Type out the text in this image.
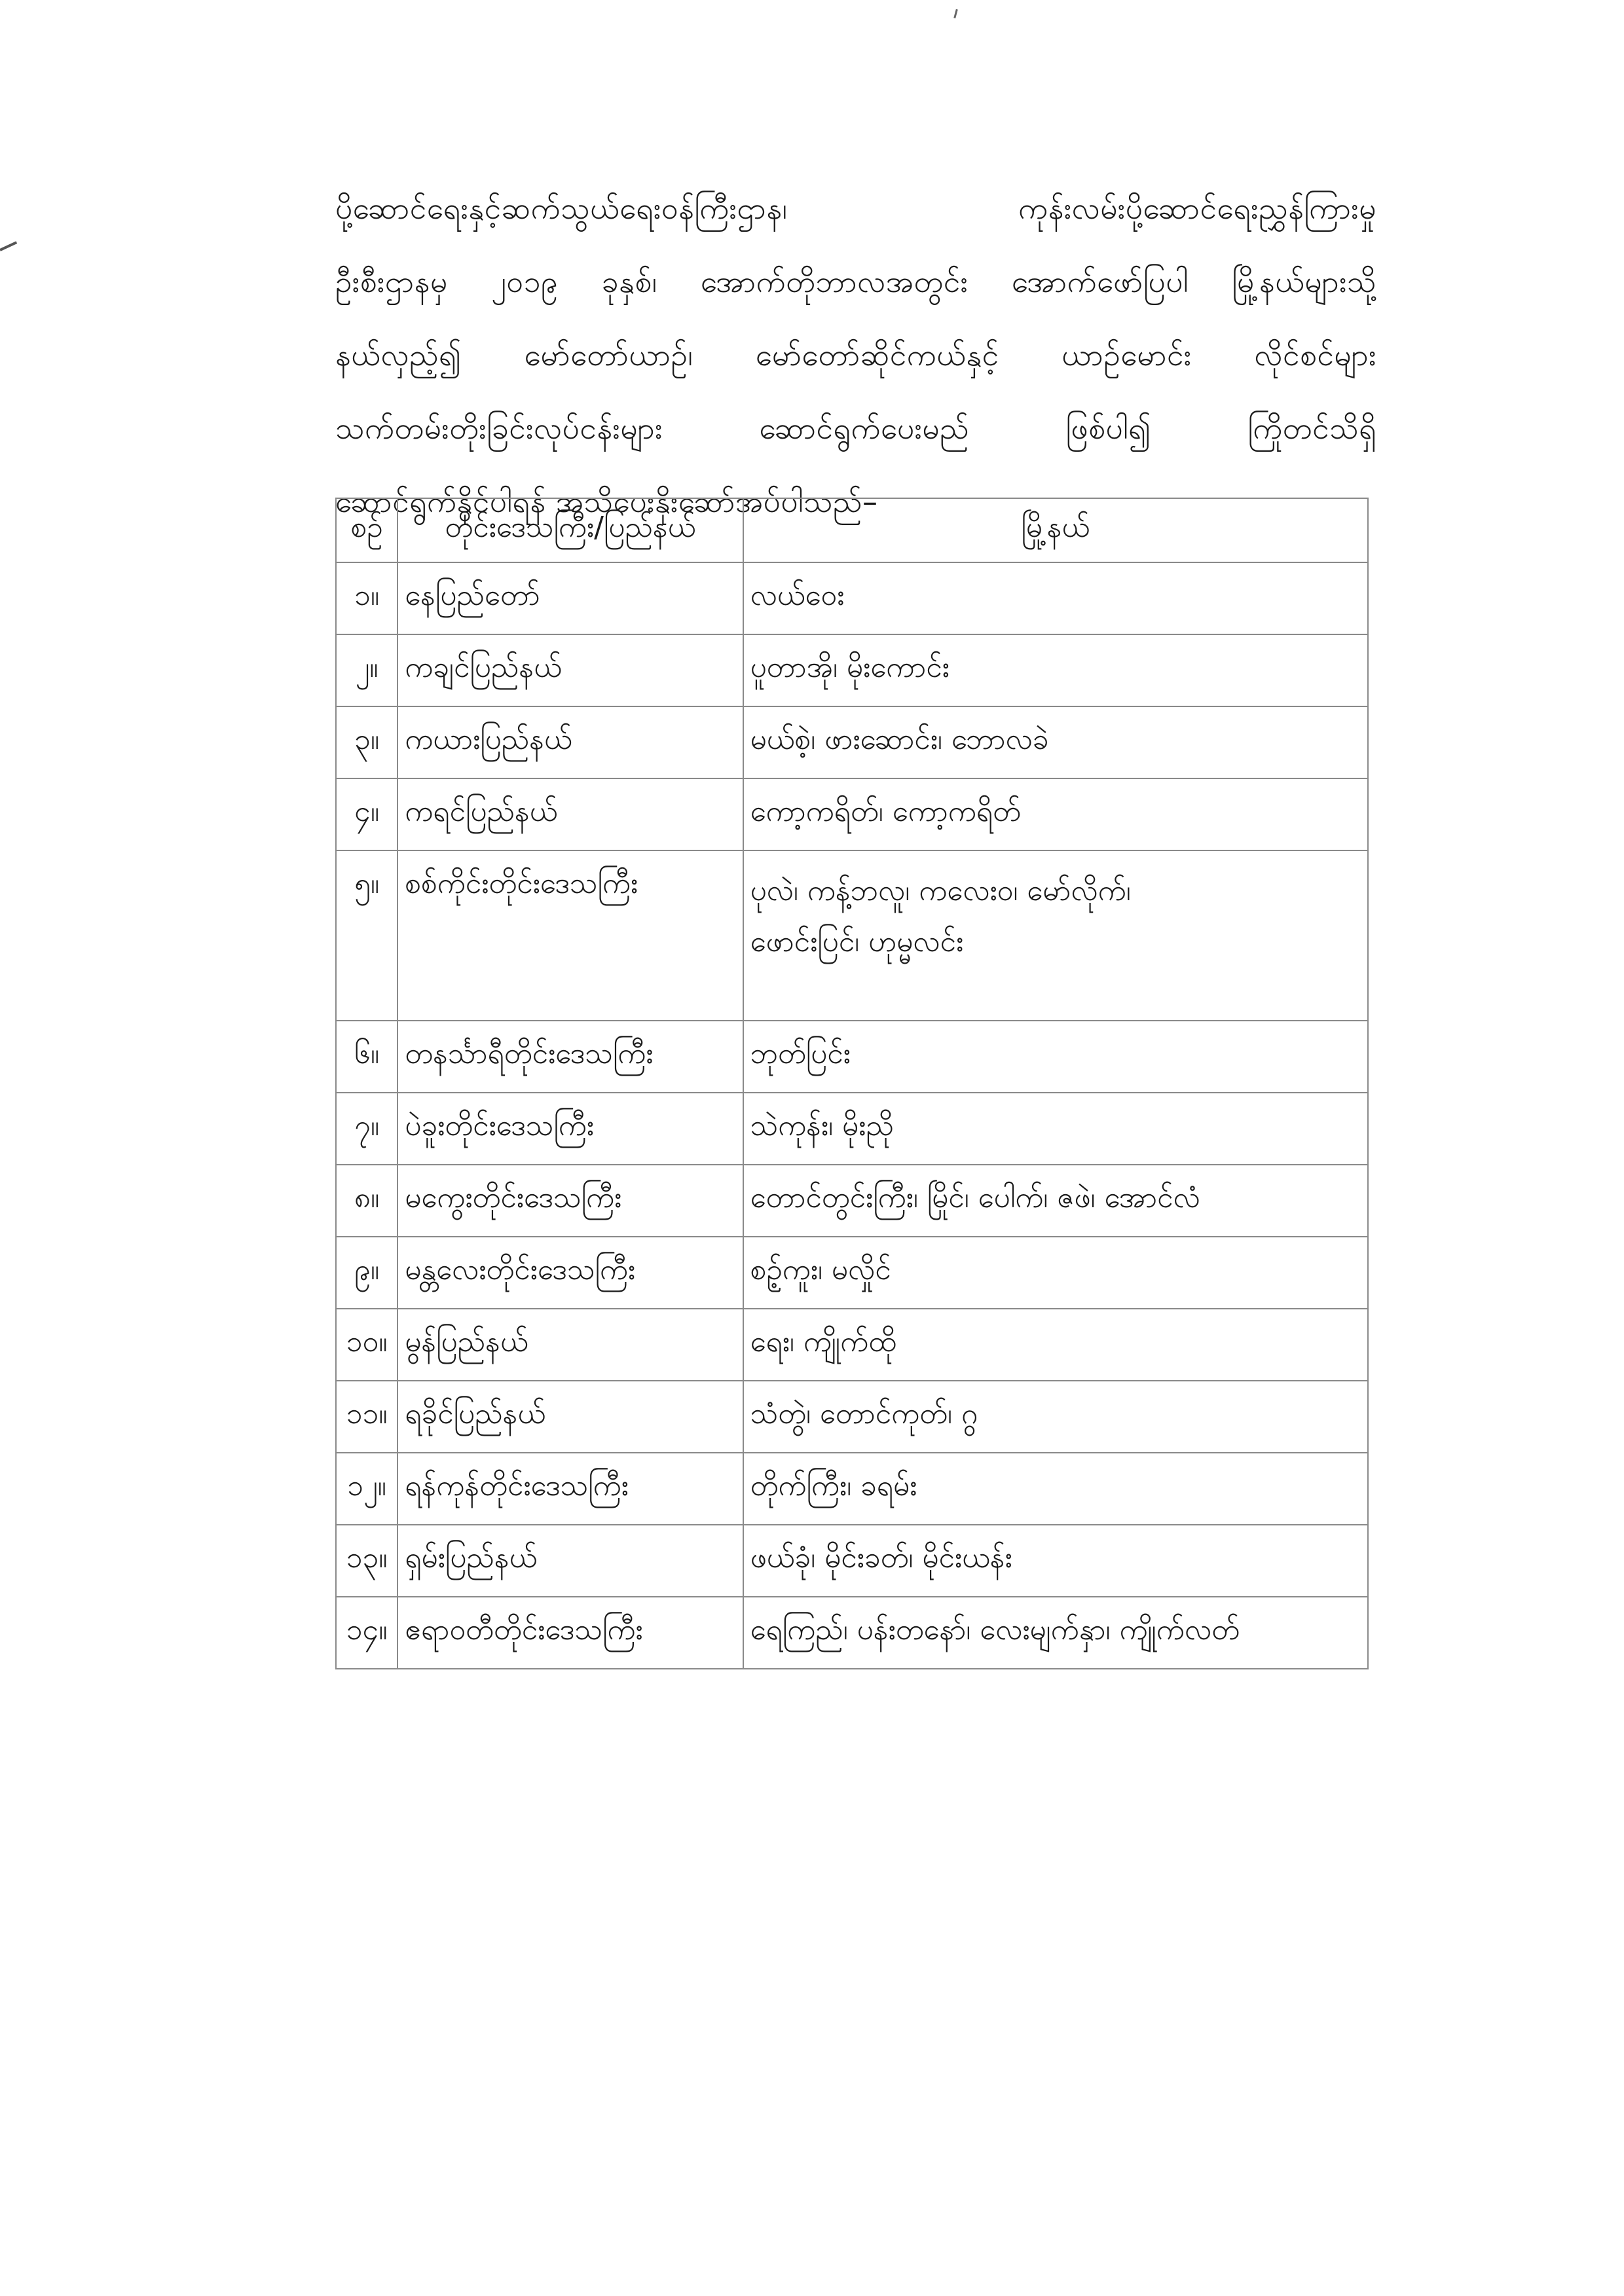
ပို့ဆောင်ရေးနှင့်ဆက်သွယ်ရေးဝန်ကြီးဌာန၊ ကုန်းလမ်းပို့ဆောင်ရေးညွှန်ကြားမှု
ဦးစီးဌာနမှ ၂၀၁၉ ခုနှစ်၊ အောက်တိုဘာလအတွင်း အောက်ဖော်ပြပါ မြို့နယ်များသို့
နယ်လှည့်၍ မော်တော်ယာဉ်၊ မော်တော်ဆိုင်ကယ်နှင့် ယာဉ်မောင်း လိုင်စင်များ
သက်တမ်းတိုးခြင်းလုပ်ငန်းများ ဆောင်ရွက်ပေးမည် ဖြစ်ပါ၍ ကြိုတင်သိရှိ
ဆောင်ရွက်နိုင်ပါရန် အသိပေးနိုးဆော်အပ်ပါသည်–
စဉ်	တိုင်းဒေသကြီး/ပြည်နယ်	မြို့နယ်
၁။	နေပြည်တော်	လယ်ဝေး
၂။	ကချင်ပြည်နယ်	ပူတာအို၊ မိုးကောင်း
၃။	ကယားပြည်နယ်	မယ်စဲ့၊ ဖားဆောင်း၊ ဘောလခဲ
၄။	ကရင်ပြည်နယ်	ကော့ကရိတ်၊ ကော့ကရိတ်
၅။	စစ်ကိုင်းတိုင်းဒေသကြီး	ပုလဲ၊ ကန့်ဘလူ၊ ကလေးဝ၊ မော်လိုက်၊
ဖောင်းပြင်၊ ဟုမ္မလင်း

၆။	တနင်္သာရီတိုင်းဒေသကြီး	ဘုတ်ပြင်း
၇။	ပဲခူးတိုင်းဒေသကြီး	သဲကုန်း၊ မိုးညို
၈။	မကွေးတိုင်းဒေသကြီး	တောင်တွင်းကြီး၊ မြိုင်၊ ပေါက်၊ ဇဖဲ၊ အောင်လံ
၉။	မန္တလေးတိုင်းဒေသကြီး	စဉ့်ကူး၊ မလှိုင်
၁၀။	မွန်ပြည်နယ်	ရေး၊ ကျိုက်ထို
၁၁။	ရခိုင်ပြည်နယ်	သံတွဲ၊ တောင်ကုတ်၊ ဂွ
၁၂။	ရန်ကုန်တိုင်းဒေသကြီး	တိုက်ကြီး၊ ခရမ်း
၁၃။	ရှမ်းပြည်နယ်	ဖယ်ခုံ၊ မိုင်းခတ်၊ မိုင်းယန်း
၁၄။	ဧရာဝတီတိုင်းဒေသကြီး	ရေကြည်၊ ပန်းတနော်၊ လေးမျက်နှာ၊ ကျိုက်လတ်
